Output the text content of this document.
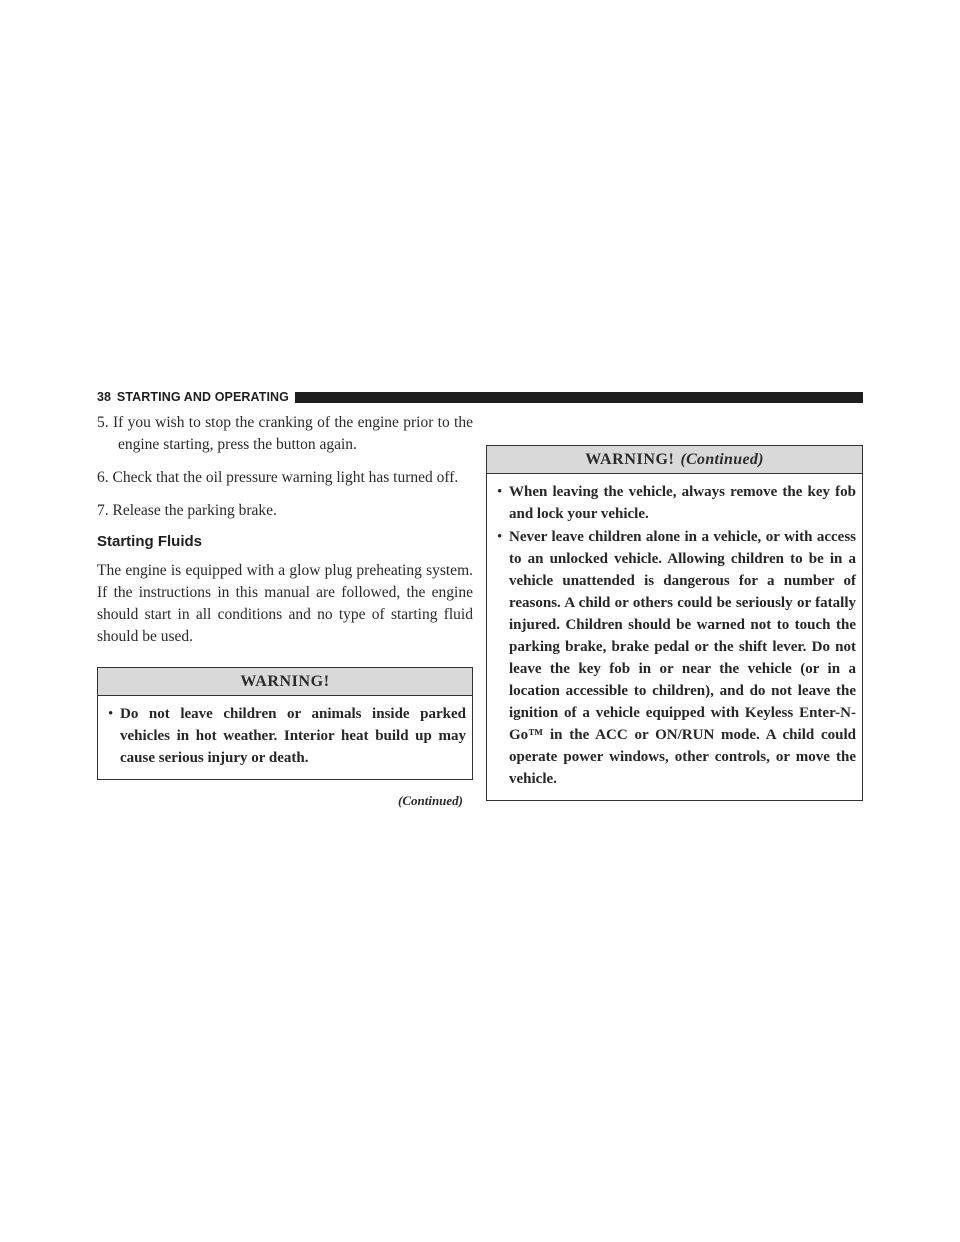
38 STARTING AND OPERATING

5. If you wish to stop the cranking of the engine prior to the engine starting, press the button again.

6. Check that the oil pressure warning light has turned off.

7. Release the parking brake.

Starting Fluids

The engine is equipped with a glow plug preheating system. If the instructions in this manual are followed, the engine should start in all conditions and no type of starting fluid should be used.

WARNING!

• Do not leave children or animals inside parked vehicles in hot weather. Interior heat build up may cause serious injury or death.

(Continued)
WARNING! (Continued)

• When leaving the vehicle, always remove the key fob and lock your vehicle.

• Never leave children alone in a vehicle, or with access to an unlocked vehicle. Allowing children to be in a vehicle unattended is dangerous for a number of reasons. A child or others could be seriously or fatally injured. Children should be warned not to touch the parking brake, brake pedal or the shift lever. Do not leave the key fob in or near the vehicle (or in a location accessible to children), and do not leave the ignition of a vehicle equipped with Keyless Enter-N-Go™ in the ACC or ON/RUN mode. A child could operate power windows, other controls, or move the vehicle.
